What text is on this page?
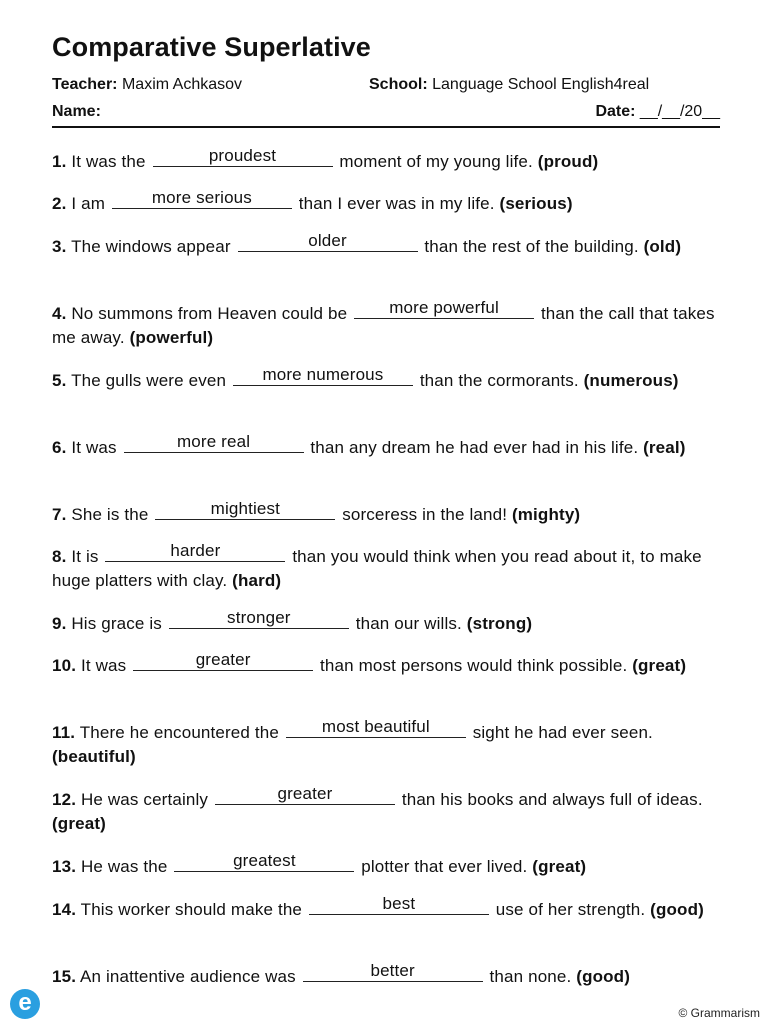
Comparative Superlative
Teacher: Maxim Achkasov	School: Language School English4real
Name:	Date: __/__/20__
1. It was the	proudest	moment of my young life. (proud)
2. I am	more serious	than I ever was in my life. (serious)
3. The windows appear	older	than the rest of the building. (old)
4. No summons from Heaven could be	more powerful	than the call that takes me away. (powerful)
5. The gulls were even	more numerous	than the cormorants. (numerous)
6. It was	more real	than any dream he had ever had in his life. (real)
7. She is the	mightiest	sorceress in the land! (mighty)
8. It is	harder	than you would think when you read about it, to make huge platters with clay. (hard)
9. His grace is	stronger	than our wills. (strong)
10. It was	greater	than most persons would think possible. (great)
11. There he encountered the	most beautiful	sight he had ever seen. (beautiful)
12. He was certainly	greater	than his books and always full of ideas. (great)
13. He was the	greatest	plotter that ever lived. (great)
14. This worker should make the	best	use of her strength. (good)
15. An inattentive audience was	better	than none. (good)
e	© Grammarism
